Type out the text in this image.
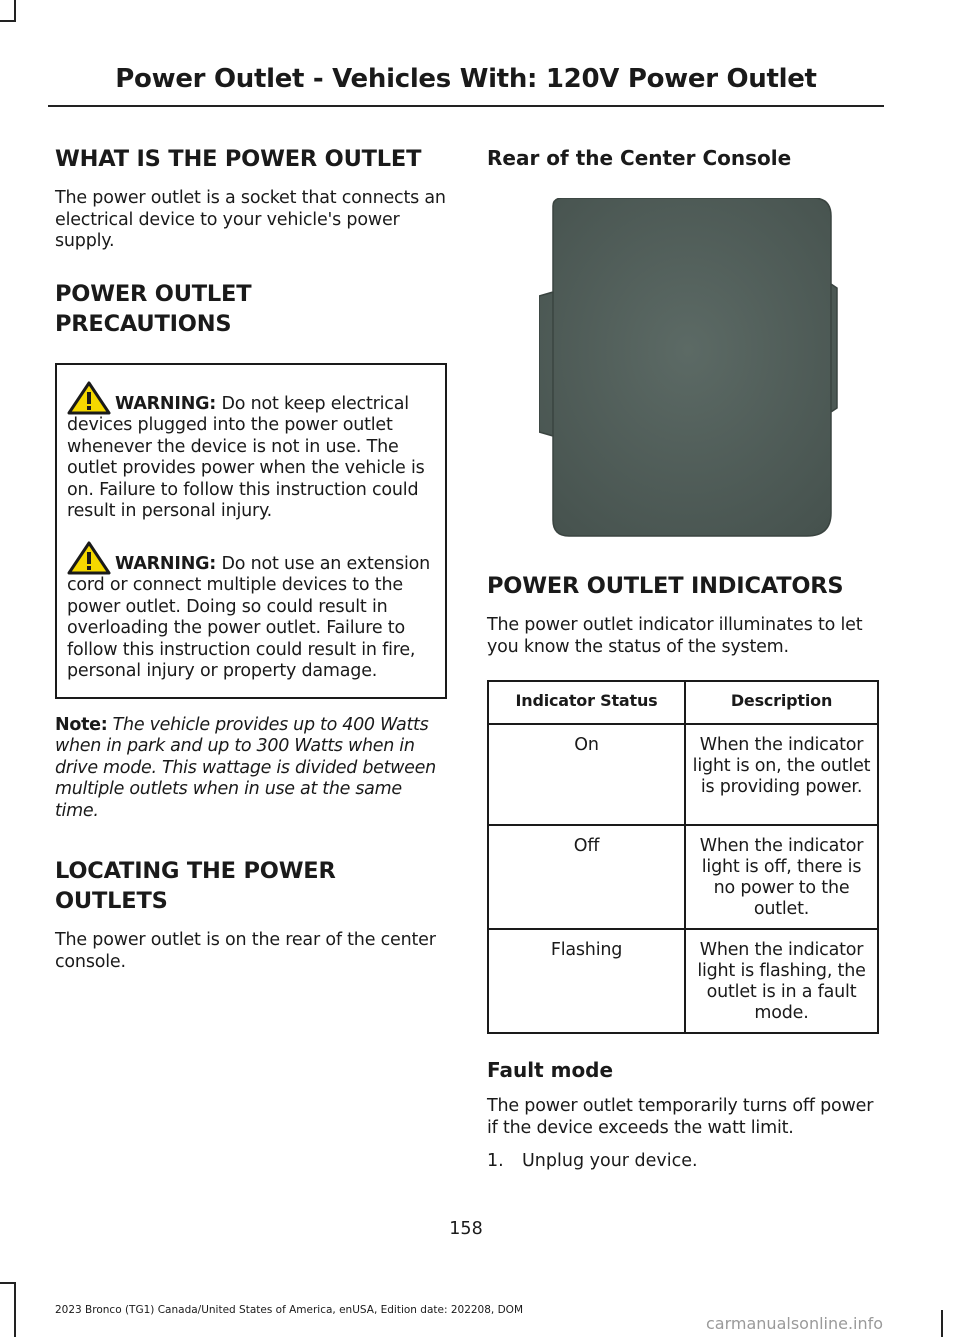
Power Outlet - Vehicles With: 120V Power Outlet
WHAT IS THE POWER OUTLET

The power outlet is a socket that connects an electrical device to your vehicle's power supply.

POWER OUTLET
PRECAUTIONS
WARNING: Do not keep electrical devices plugged into the power outlet whenever the device is not in use. The outlet provides power when the vehicle is on. Failure to follow this instruction could result in personal injury.
WARNING: Do not use an extension cord or connect multiple devices to the power outlet. Doing so could result in overloading the power outlet. Failure to follow this instruction could result in fire, personal injury or property damage.
Note: The vehicle provides up to 400 Watts when in park and up to 300 Watts when in drive mode. This wattage is divided between multiple outlets when in use at the same time.
LOCATING THE POWER
OUTLETS

The power outlet is on the rear of the center console.

Rear of the Center Console
POWER OUTLET INDICATORS

The power outlet indicator illuminates to let you know the status of the system.

Indicator Status	Description
On	When the indicator light is on, the outlet is providing power.
Off	When the indicator light is off, there is no power to the outlet.
Flashing	When the indicator light is flashing, the outlet is in a fault mode.
Fault mode

The power outlet temporarily turns off power if the device exceeds the watt limit.

1. Unplug your device.
158
2023 Bronco (TG1) Canada/United States of America, enUSA, Edition date: 202208, DOM
carmanualsonline.info
